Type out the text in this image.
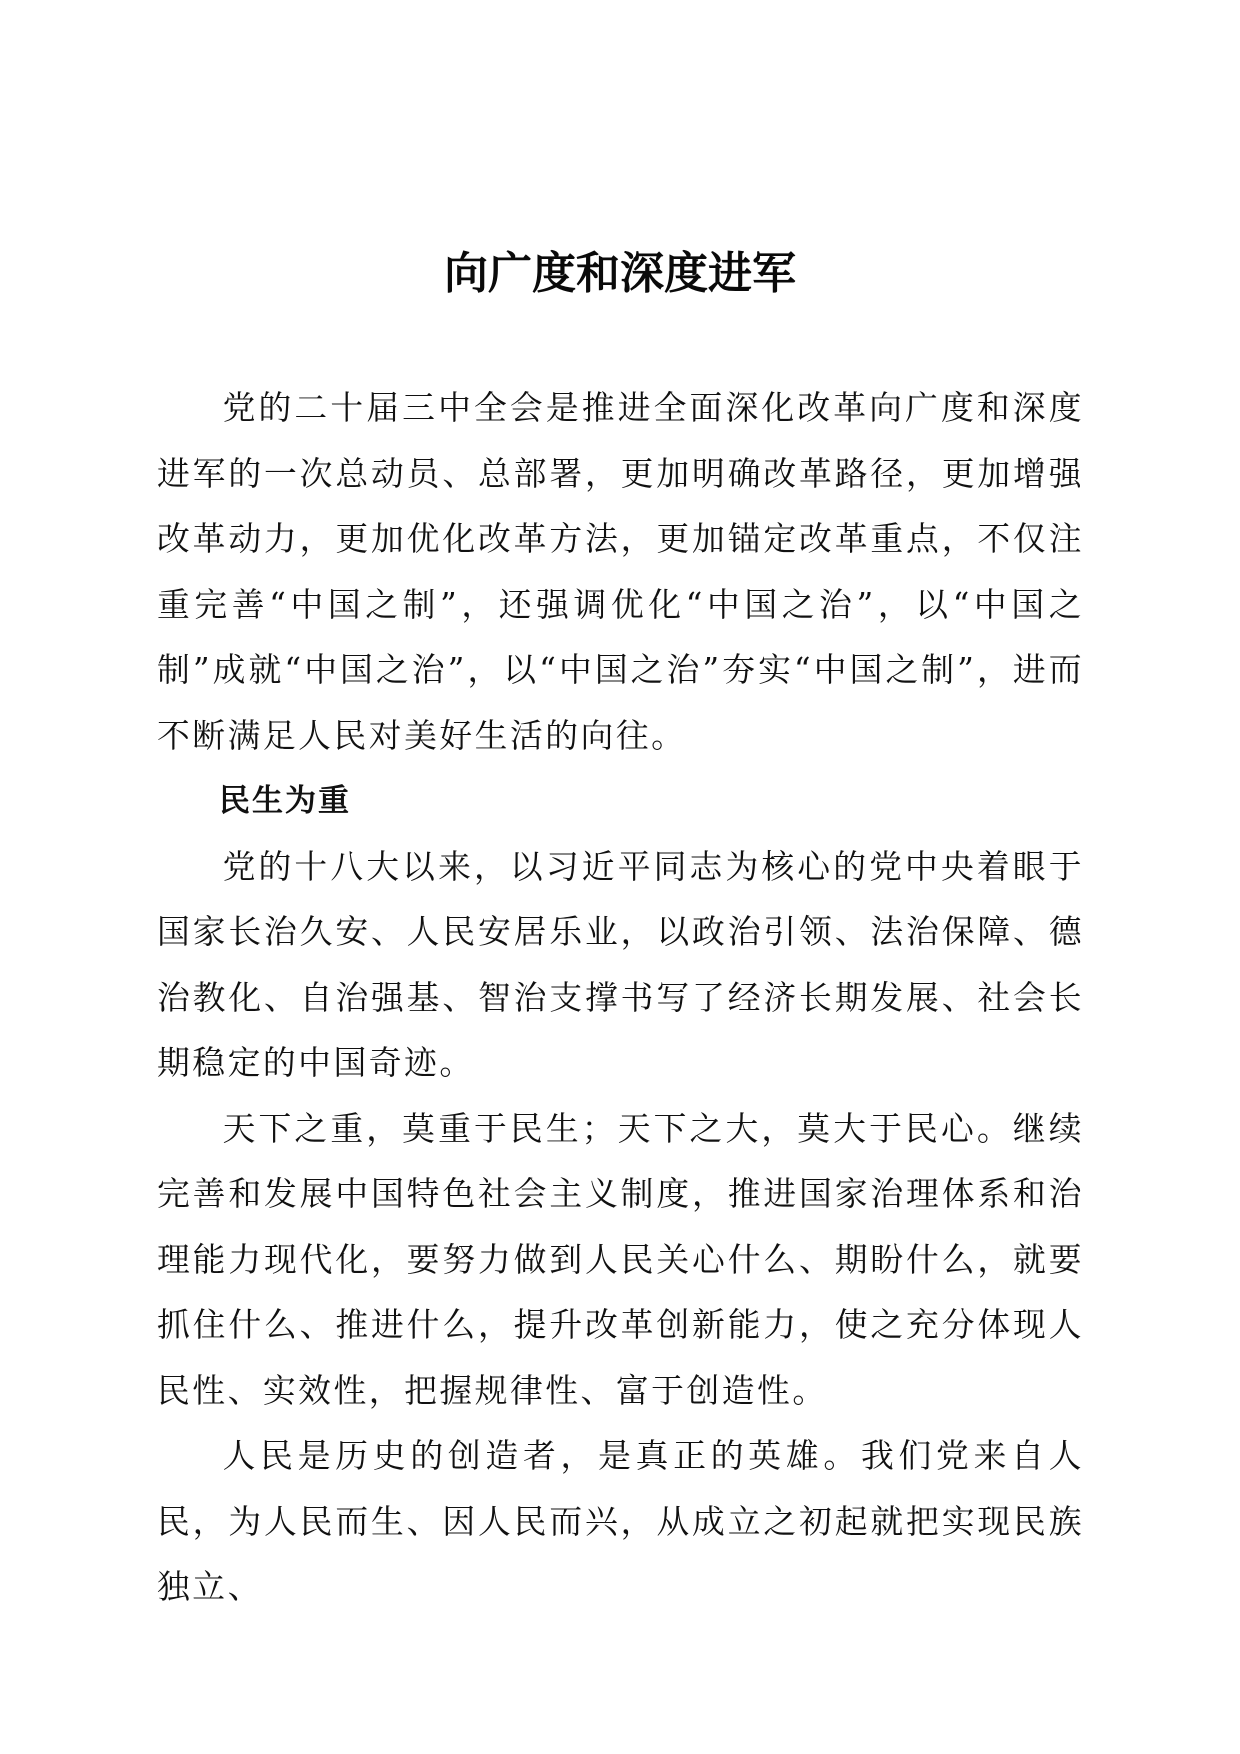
向广度和深度进军

党的二十届三中全会是推进全面深化改革向广度和深度进军的一次总动员、总部署，更加明确改革路径，更加增强改革动力，更加优化改革方法，更加锚定改革重点，不仅注重完善“中国之制”，还强调优化“中国之治”，以“中国之制”成就“中国之治”，以“中国之治”夯实“中国之制”，进而不断满足人民对美好生活的向往。

民生为重

党的十八大以来，以习近平同志为核心的党中央着眼于国家长治久安、人民安居乐业，以政治引领、法治保障、德治教化、自治强基、智治支撑书写了经济长期发展、社会长期稳定的中国奇迹。

天下之重，莫重于民生；天下之大，莫大于民心。继续完善和发展中国特色社会主义制度，推进国家治理体系和治理能力现代化，要努力做到人民关心什么、期盼什么，就要抓住什么、推进什么，提升改革创新能力，使之充分体现人民性、实效性，把握规律性、富于创造性。

人民是历史的创造者，是真正的英雄。我们党来自人民，为人民而生、因人民而兴，从成立之初起就把实现民族独立、
